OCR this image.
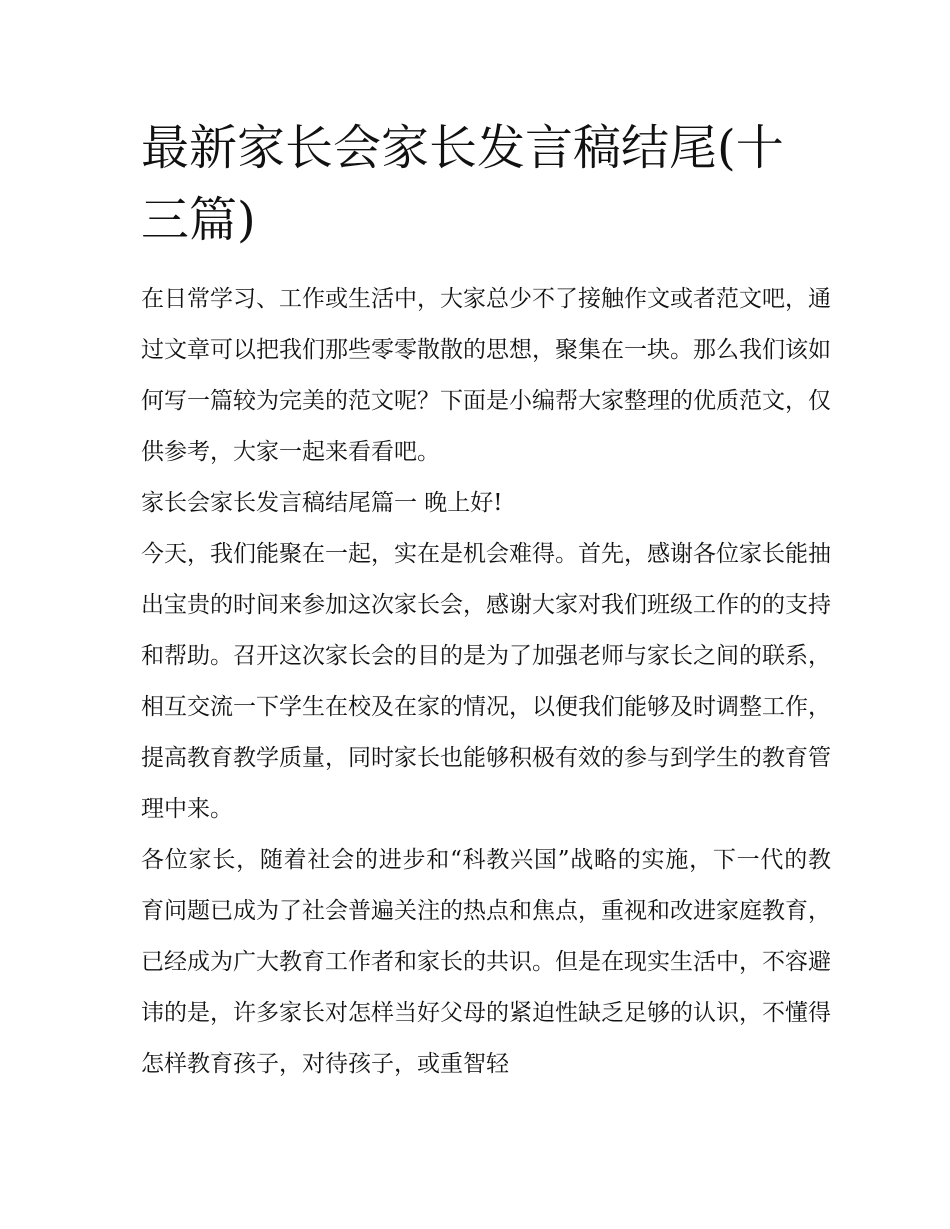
最新家长会家长发言稿结尾(十三篇)

在日常学习、工作或生活中，大家总少不了接触作文或者范文吧，通过文章可以把我们那些零零散散的思想，聚集在一块。那么我们该如何写一篇较为完美的范文呢？下面是小编帮大家整理的优质范文，仅供参考，大家一起来看看吧。

家长会家长发言稿结尾篇一 晚上好!

今天，我们能聚在一起，实在是机会难得。首先，感谢各位家长能抽出宝贵的时间来参加这次家长会，感谢大家对我们班级工作的的支持和帮助。召开这次家长会的目的是为了加强老师与家长之间的联系，相互交流一下学生在校及在家的情况，以便我们能够及时调整工作，提高教育教学质量，同时家长也能够积极有效的参与到学生的教育管理中来。

各位家长，随着社会的进步和“科教兴国”战略的实施，下一代的教育问题已成为了社会普遍关注的热点和焦点，重视和改进家庭教育，已经成为广大教育工作者和家长的共识。但是在现实生活中，不容避讳的是，许多家长对怎样当好父母的紧迫性缺乏足够的认识，不懂得怎样教育孩子，对待孩子，或重智轻
